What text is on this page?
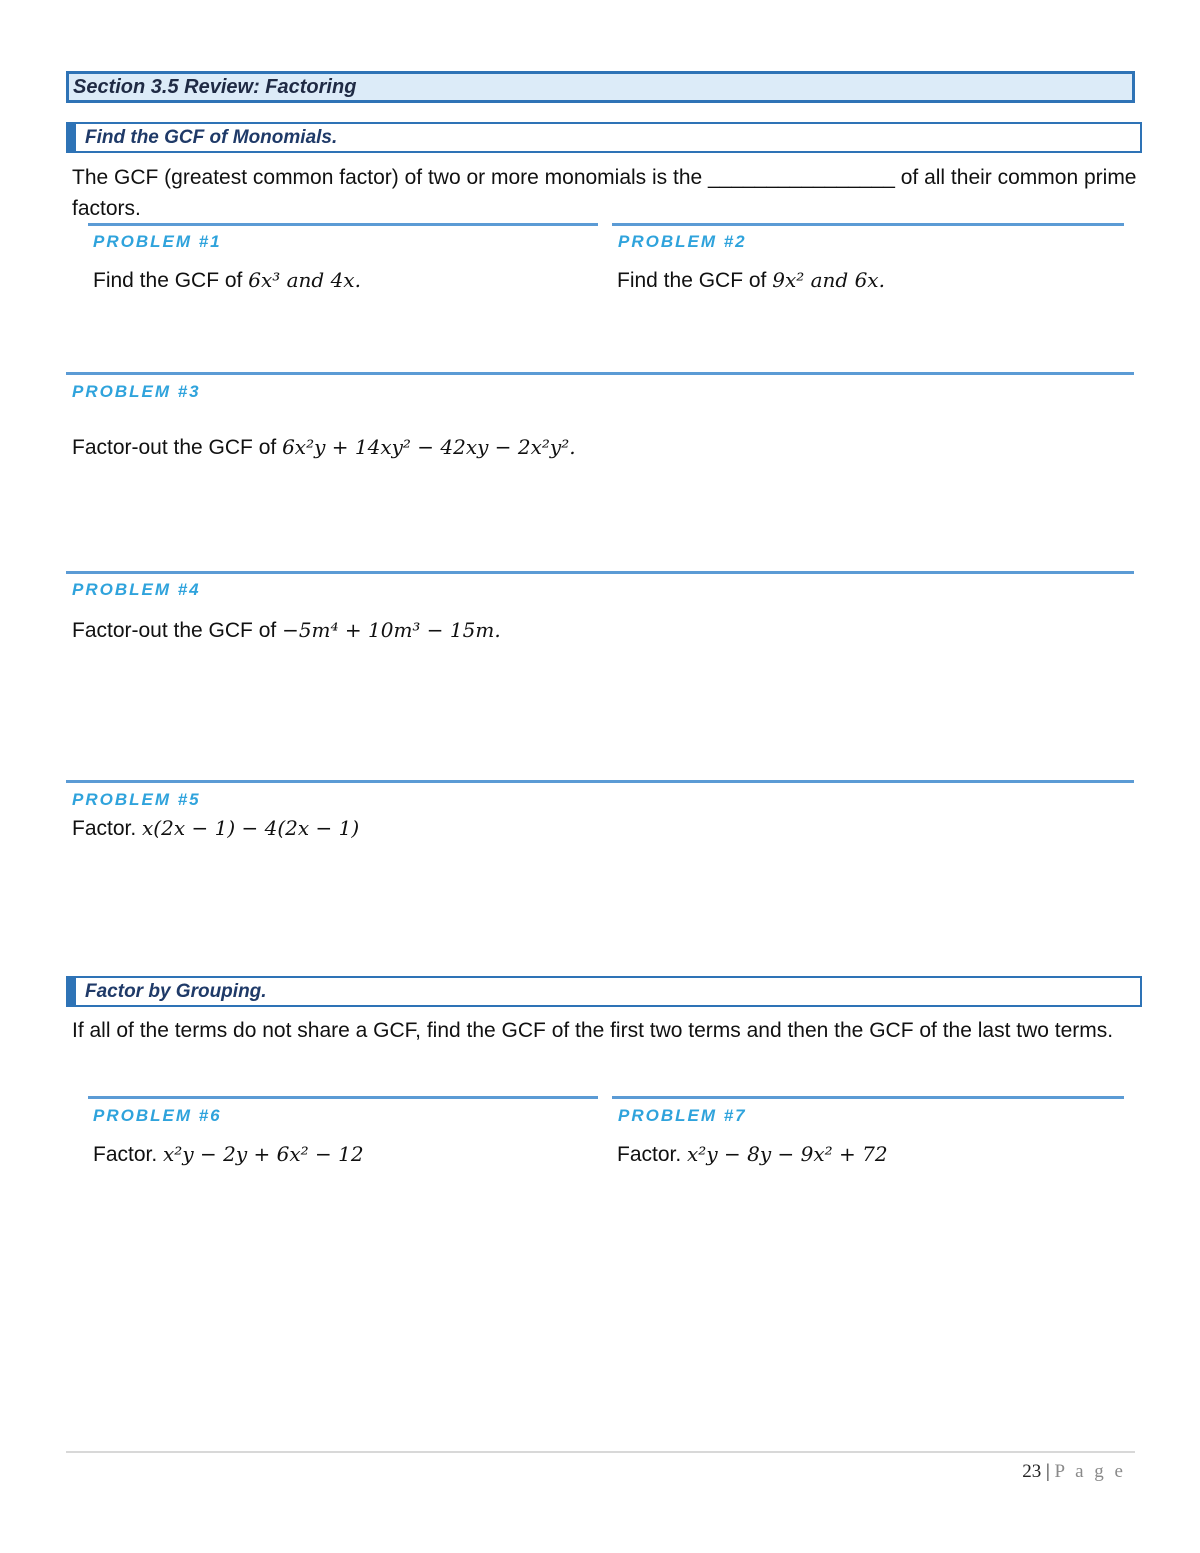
Section 3.5 Review: Factoring
Find the GCF of Monomials.
The GCF (greatest common factor) of two or more monomials is the ________________ of all their common prime factors.
PROBLEM #1
Find the GCF of 6x³ and 4x.
PROBLEM #2
Find the GCF of 9x² and 6x.
PROBLEM #3
Factor-out the GCF of 6x²y + 14xy² − 42xy − 2x²y².
PROBLEM #4
Factor-out the GCF of −5m⁴ + 10m³ − 15m.
PROBLEM #5
Factor. x(2x − 1) − 4(2x − 1)
Factor by Grouping.
If all of the terms do not share a GCF, find the GCF of the first two terms and then the GCF of the last two terms.
PROBLEM #6
Factor. x²y − 2y + 6x² − 12
PROBLEM #7
Factor. x²y − 8y − 9x² + 72
23 | P a g e
